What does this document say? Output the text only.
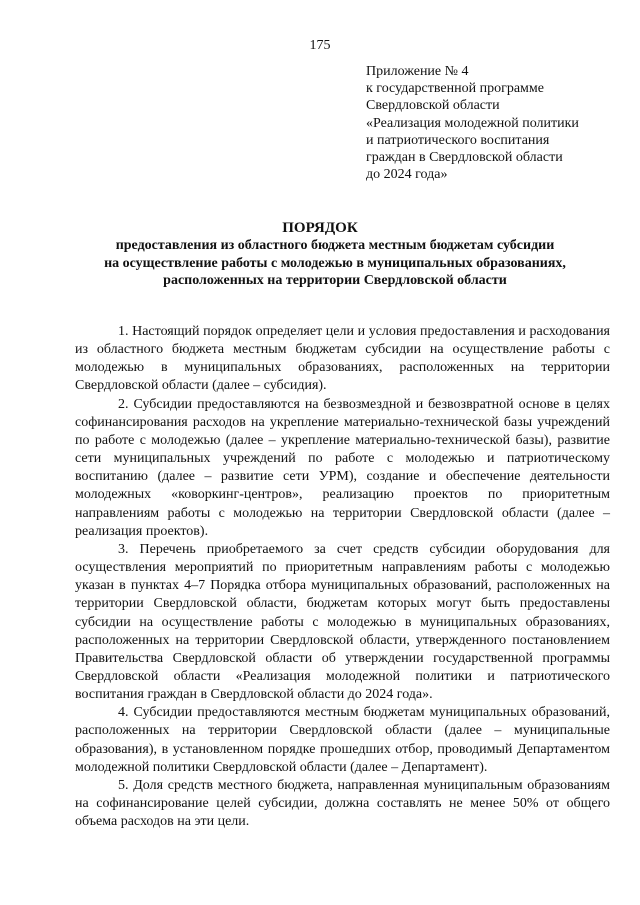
175
Приложение № 4
к государственной программе
Свердловской области
«Реализация молодежной политики
и патриотического воспитания
граждан в Свердловской области
до 2024 года»
ПОРЯДОК
предоставления из областного бюджета местным бюджетам субсидии
на осуществление работы с молодежью в муниципальных образованиях,
расположенных на территории Свердловской области

1. Настоящий порядок определяет цели и условия предоставления и расходования из областного бюджета местным бюджетам субсидии на осуществление работы с молодежью в муниципальных образованиях, расположенных на территории Свердловской области (далее – субсидия).

2. Субсидии предоставляются на безвозмездной и безвозвратной основе в целях софинансирования расходов на укрепление материально-технической базы учреждений по работе с молодежью (далее – укрепление материально-технической базы), развитие сети муниципальных учреждений по работе с молодежью и патриотическому воспитанию (далее – развитие сети УРМ), создание и обеспечение деятельности молодежных «коворкинг-центров», реализацию проектов по приоритетным направлениям работы с молодежью на территории Свердловской области (далее – реализация проектов).

3. Перечень приобретаемого за счет средств субсидии оборудования для осуществления мероприятий по приоритетным направлениям работы с молодежью указан в пунктах 4–7 Порядка отбора муниципальных образований, расположенных на территории Свердловской области, бюджетам которых могут быть предоставлены субсидии на осуществление работы с молодежью в муниципальных образованиях, расположенных на территории Свердловской области, утвержденного постановлением Правительства Свердловской области об утверждении государственной программы Свердловской области «Реализация молодежной политики и патриотического воспитания граждан в Свердловской области до 2024 года».

4. Субсидии предоставляются местным бюджетам муниципальных образований, расположенных на территории Свердловской области (далее – муниципальные образования), в установленном порядке прошедших отбор, проводимый Департаментом молодежной политики Свердловской области (далее – Департамент).

5. Доля средств местного бюджета, направленная муниципальным образованиям на софинансирование целей субсидии, должна составлять не менее 50% от общего объема расходов на эти цели.
